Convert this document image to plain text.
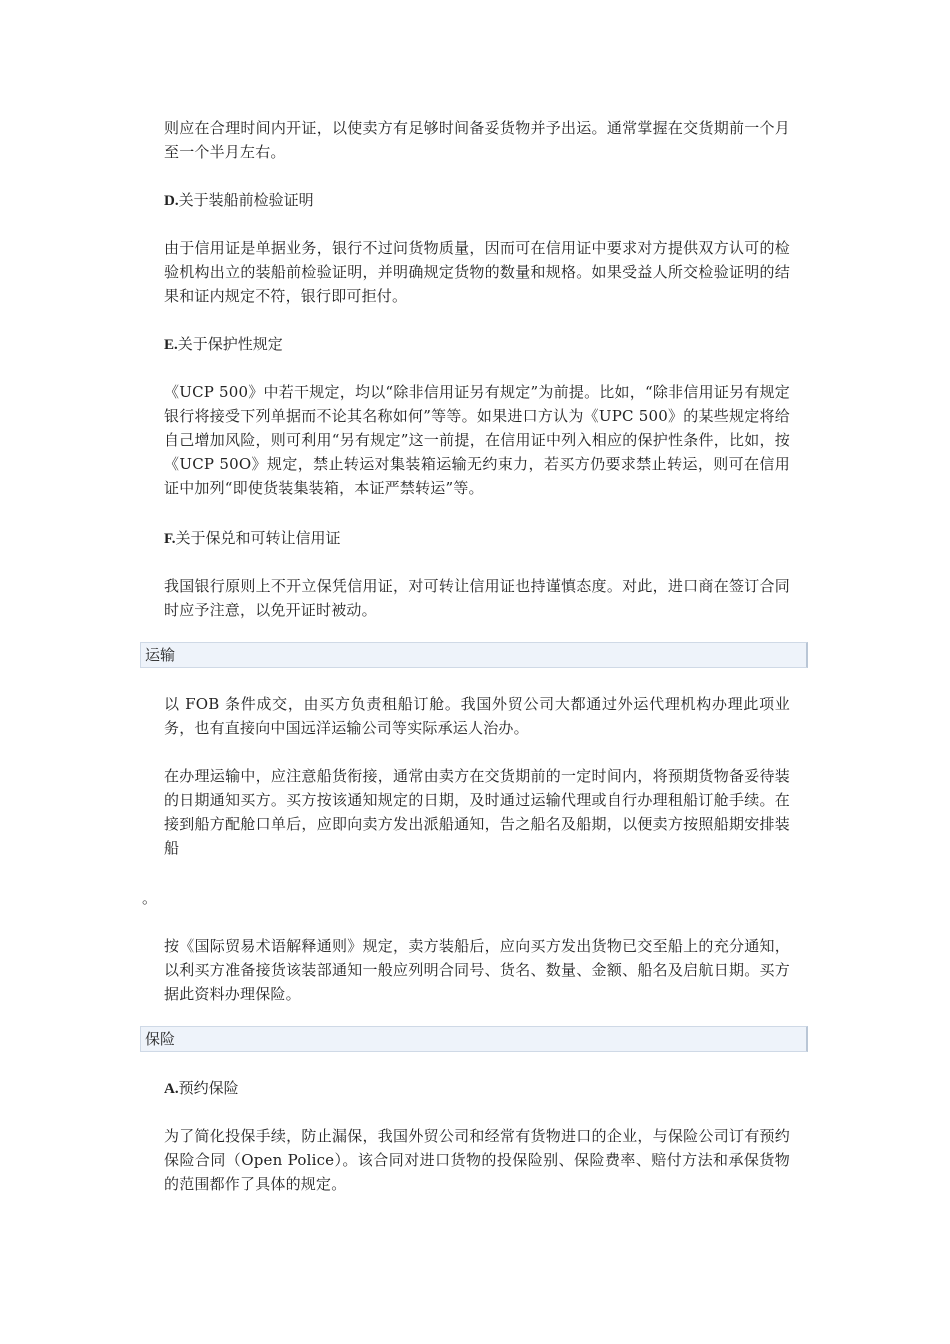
则应在合理时间内开证，以使卖方有足够时间备妥货物并予出运。通常掌握在交货期前一个月至一个半月左右。

D.关于装船前检验证明

由于信用证是单据业务，银行不过问货物质量，因而可在信用证中要求对方提供双方认可的检验机构出立的装船前检验证明，并明确规定货物的数量和规格。如果受益人所交检验证明的结果和证内规定不符，银行即可拒付。

E.关于保护性规定

《UCP 500》中若干规定，均以“除非信用证另有规定”为前提。比如，“除非信用证另有规定银行将接受下列单据而不论其名称如何”等等。如果进口方认为《UPC 500》的某些规定将给自己增加风险，则可利用“另有规定”这一前提，在信用证中列入相应的保护性条件，比如，按《UCP 50O》规定，禁止转运对集装箱运输无约束力，若买方仍要求禁止转运，则可在信用证中加列“即使货装集装箱，本证严禁转运”等。

F.关于保兑和可转让信用证

我国银行原则上不开立保凭信用证，对可转让信用证也持谨慎态度。对此，进口商在签订合同时应予注意，以免开证时被动。

运输

以 FOB 条件成交，由买方负责租船订舱。我国外贸公司大都通过外运代理机构办理此项业务，也有直接向中国远洋运输公司等实际承运人治办。

在办理运输中，应注意船货衔接，通常由卖方在交货期前的一定时间内，将预期货物备妥待装的日期通知买方。买方按该通知规定的日期，及时通过运输代理或自行办理租船订舱手续。在接到船方配舱口单后，应即向卖方发出派船通知，告之船名及船期，以便卖方按照船期安排装船

。

按《国际贸易术语解释通则》规定，卖方装船后，应向买方发出货物已交至船上的充分通知，以利买方准备接货该装部通知一般应列明合同号、货名、数量、金额、船名及启航日期。买方据此资料办理保险。

保险

A.预约保险

为了简化投保手续，防止漏保，我国外贸公司和经常有货物进口的企业，与保险公司订有预约保险合同（Open Police）。该合同对进口货物的投保险别、保险费率、赔付方法和承保货物的范围都作了具体的规定。
